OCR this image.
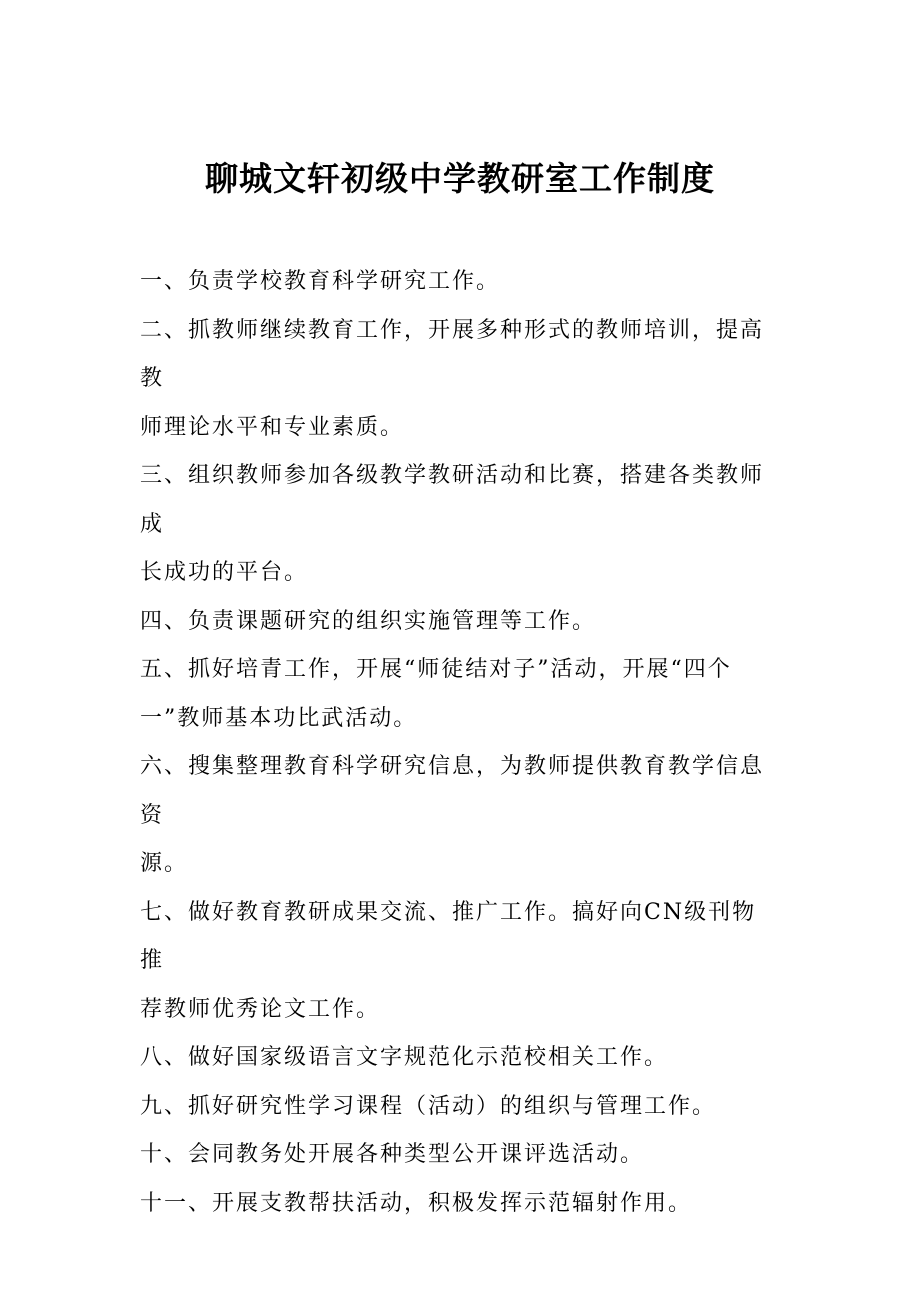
聊城文轩初级中学教研室工作制度

一、负责学校教育科学研究工作。

二、抓教师继续教育工作，开展多种形式的教师培训，提高教
师理论水平和专业素质。

三、组织教师参加各级教学教研活动和比赛，搭建各类教师成
长成功的平台。

四、负责课题研究的组织实施管理等工作。

五、抓好培青工作，开展“师徒结对子”活动，开展“四个
一”教师基本功比武活动。

六、搜集整理教育科学研究信息，为教师提供教育教学信息资
源。

七、做好教育教研成果交流、推广工作。搞好向CN级刊物推
荐教师优秀论文工作。

八、做好国家级语言文字规范化示范校相关工作。

九、抓好研究性学习课程（活动）的组织与管理工作。

十、会同教务处开展各种类型公开课评选活动。

十一、开展支教帮扶活动，积极发挥示范辐射作用。
